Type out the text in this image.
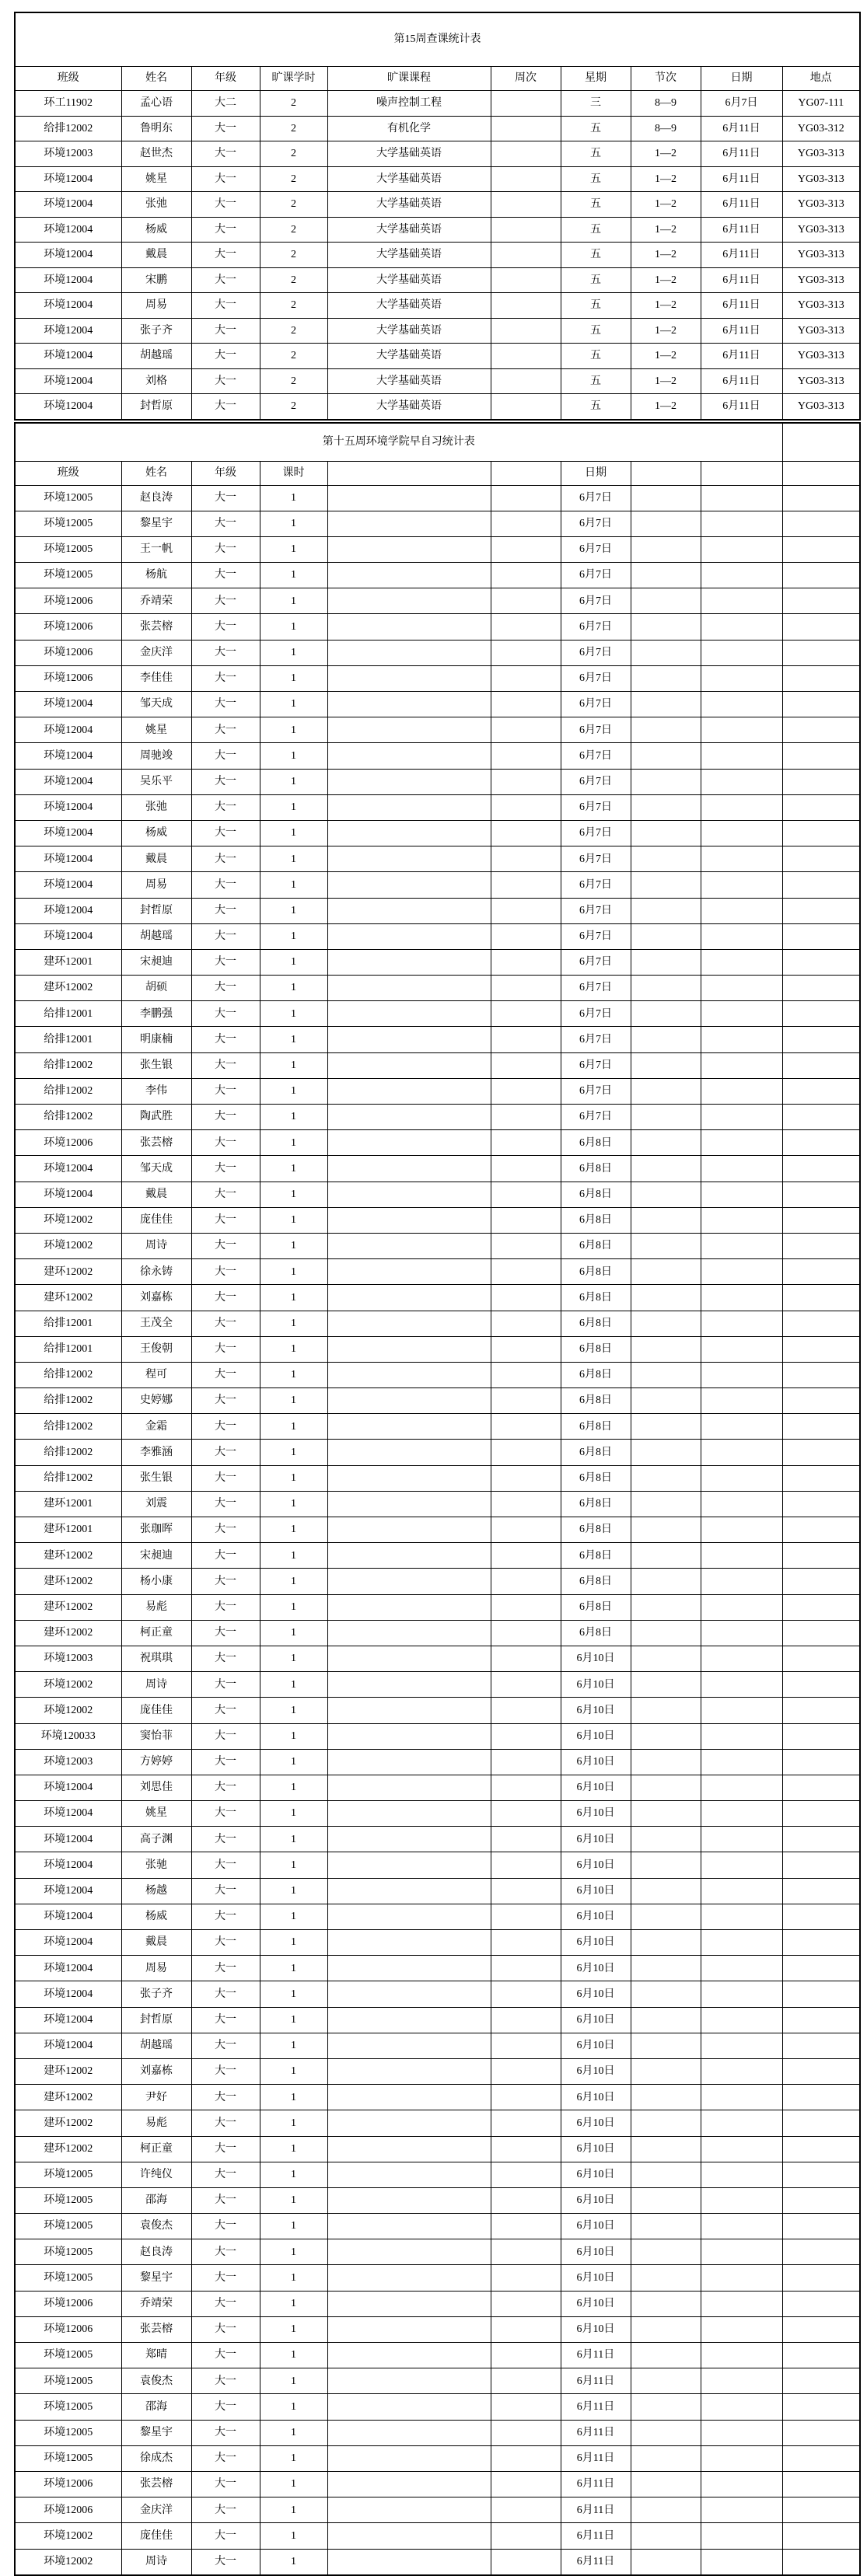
第15周查课统计表									
班级	姓名	年级	旷课学时	旷课课程	周次	星期	节次	日期	地点
环工11902	孟心语	大二	2	噪声控制工程		三	8—9	6月7日	YG07-111
给排12002	鲁明东	大一	2	有机化学		五	8—9	6月11日	YG03-312
环境12003	赵世杰	大一	2	大学基础英语		五	1—2	6月11日	YG03-313
环境12004	姚星	大一	2	大学基础英语		五	1—2	6月11日	YG03-313
环境12004	张弛	大一	2	大学基础英语		五	1—2	6月11日	YG03-313
环境12004	杨威	大一	2	大学基础英语		五	1—2	6月11日	YG03-313
环境12004	戴晨	大一	2	大学基础英语		五	1—2	6月11日	YG03-313
环境12004	宋鹏	大一	2	大学基础英语		五	1—2	6月11日	YG03-313
环境12004	周易	大一	2	大学基础英语		五	1—2	6月11日	YG03-313
环境12004	张子齐	大一	2	大学基础英语		五	1—2	6月11日	YG03-313
环境12004	胡越瑶	大一	2	大学基础英语		五	1—2	6月11日	YG03-313
环境12004	刘格	大一	2	大学基础英语		五	1—2	6月11日	YG03-313
环境12004	封哲原	大一	2	大学基础英语		五	1—2	6月11日	YG03-313
第十五周环境学院早自习统计表									
班级	姓名	年级	课时			日期			
环境12005	赵良涛	大一	1			6月7日			
环境12005	黎星宇	大一	1			6月7日			
环境12005	王一帆	大一	1			6月7日			
环境12005	杨航	大一	1			6月7日			
环境12006	乔靖荣	大一	1			6月7日			
环境12006	张芸榕	大一	1			6月7日			
环境12006	金庆洋	大一	1			6月7日			
环境12006	李佳佳	大一	1			6月7日			
环境12004	邹天成	大一	1			6月7日			
环境12004	姚星	大一	1			6月7日			
环境12004	周驰竣	大一	1			6月7日			
环境12004	吴乐平	大一	1			6月7日			
环境12004	张弛	大一	1			6月7日			
环境12004	杨威	大一	1			6月7日			
环境12004	戴晨	大一	1			6月7日			
环境12004	周易	大一	1			6月7日			
环境12004	封哲原	大一	1			6月7日			
环境12004	胡越瑶	大一	1			6月7日			
建环12001	宋昶迪	大一	1			6月7日			
建环12002	胡硕	大一	1			6月7日			
给排12001	李鹏强	大一	1			6月7日			
给排12001	明康楠	大一	1			6月7日			
给排12002	张生银	大一	1			6月7日			
给排12002	李伟	大一	1			6月7日			
给排12002	陶武胜	大一	1			6月7日			
环境12006	张芸榕	大一	1			6月8日			
环境12004	邹天成	大一	1			6月8日			
环境12004	戴晨	大一	1			6月8日			
环境12002	庞佳佳	大一	1			6月8日			
环境12002	周诗	大一	1			6月8日			
建环12002	徐永铸	大一	1			6月8日			
建环12002	刘嘉栋	大一	1			6月8日			
给排12001	王茂全	大一	1			6月8日			
给排12001	王俊朝	大一	1			6月8日			
给排12002	程可	大一	1			6月8日			
给排12002	史婷娜	大一	1			6月8日			
给排12002	金霜	大一	1			6月8日			
给排12002	李雅涵	大一	1			6月8日			
给排12002	张生银	大一	1			6月8日			
建环12001	刘震	大一	1			6月8日			
建环12001	张珈晖	大一	1			6月8日			
建环12002	宋昶迪	大一	1			6月8日			
建环12002	杨小康	大一	1			6月8日			
建环12002	易彪	大一	1			6月8日			
建环12002	柯正童	大一	1			6月8日			
环境12003	祝琪琪	大一	1			6月10日			
环境12002	周诗	大一	1			6月10日			
环境12002	庞佳佳	大一	1			6月10日			
环境120033	窦怡菲	大一	1			6月10日			
环境12003	方婷婷	大一	1			6月10日			
环境12004	刘思佳	大一	1			6月10日			
环境12004	姚星	大一	1			6月10日			
环境12004	高子渊	大一	1			6月10日			
环境12004	张驰	大一	1			6月10日			
环境12004	杨越	大一	1			6月10日			
环境12004	杨威	大一	1			6月10日			
环境12004	戴晨	大一	1			6月10日			
环境12004	周易	大一	1			6月10日			
环境12004	张子齐	大一	1			6月10日			
环境12004	封哲原	大一	1			6月10日			
环境12004	胡越瑶	大一	1			6月10日			
建环12002	刘嘉栋	大一	1			6月10日			
建环12002	尹好	大一	1			6月10日			
建环12002	易彪	大一	1			6月10日			
建环12002	柯正童	大一	1			6月10日			
环境12005	许纯仪	大一	1			6月10日			
环境12005	邵海	大一	1			6月10日			
环境12005	袁俊杰	大一	1			6月10日			
环境12005	赵良涛	大一	1			6月10日			
环境12005	黎星宇	大一	1			6月10日			
环境12006	乔靖荣	大一	1			6月10日			
环境12006	张芸榕	大一	1			6月10日			
环境12005	郑晴	大一	1			6月11日			
环境12005	袁俊杰	大一	1			6月11日			
环境12005	邵海	大一	1			6月11日			
环境12005	黎星宇	大一	1			6月11日			
环境12005	徐成杰	大一	1			6月11日			
环境12006	张芸榕	大一	1			6月11日			
环境12006	金庆洋	大一	1			6月11日			
环境12002	庞佳佳	大一	1			6月11日			
环境12002	周诗	大一	1			6月11日			
